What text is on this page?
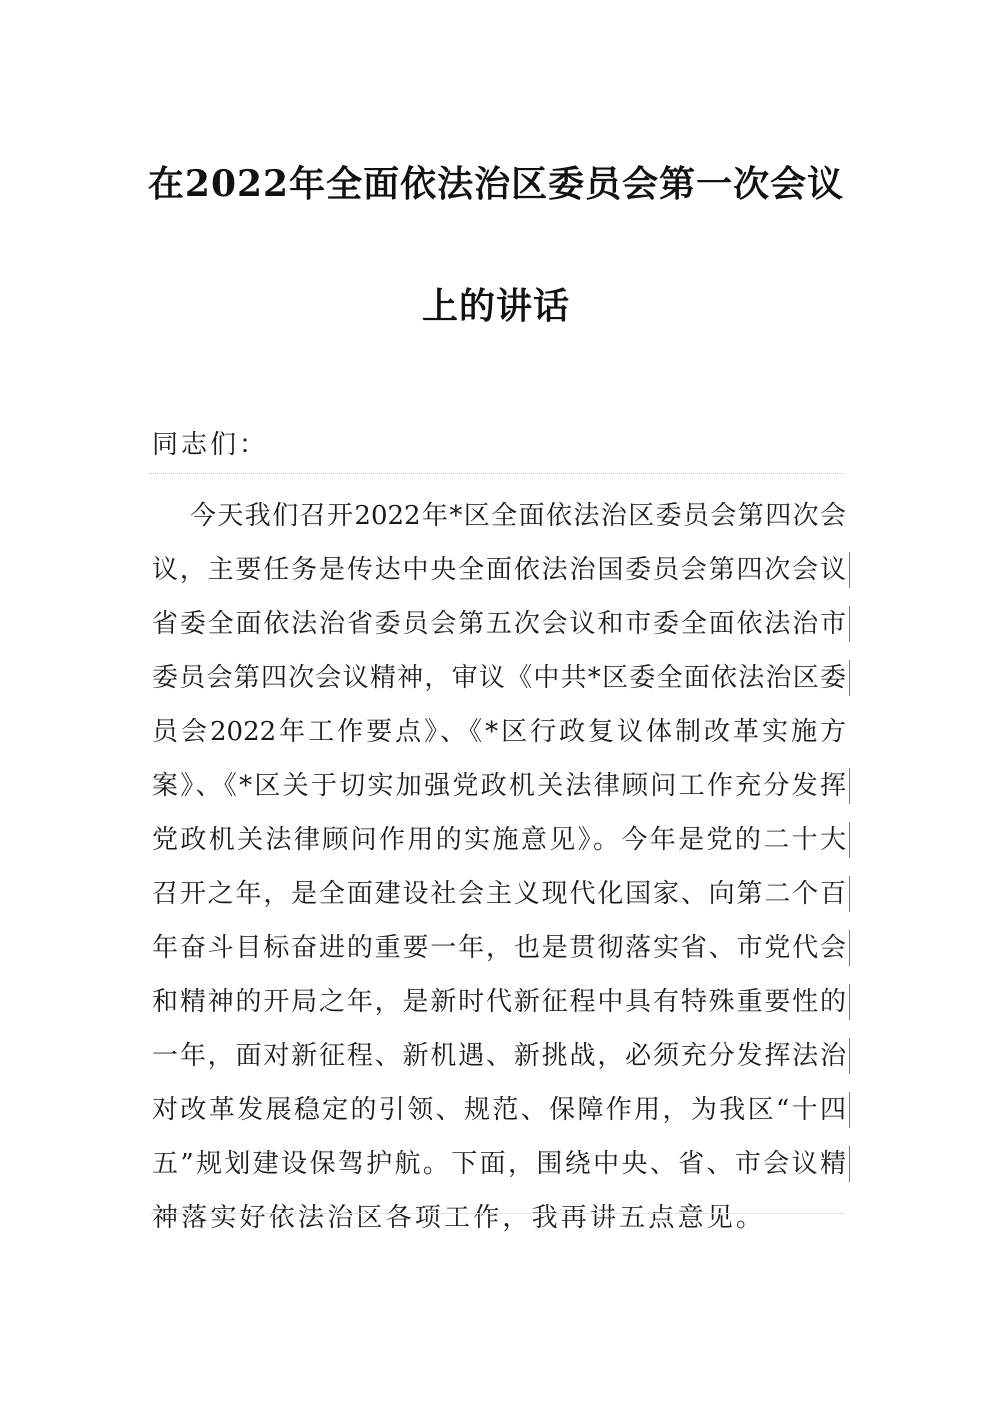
在2022年全面依法治区委员会第一次会议
上的讲话

同志们：

今天我们召开2022年*区全面依法治区委员会第四次会
议，主要任务是传达中央全面依法治国委员会第四次会议
省委全面依法治省委员会第五次会议和市委全面依法治市
委员会第四次会议精神，审议《中共*区委全面依法治区委
员会2022年工作要点》、《*区行政复议体制改革实施方
案》、《*区关于切实加强党政机关法律顾问工作充分发挥
党政机关法律顾问作用的实施意见》。今年是党的二十大
召开之年，是全面建设社会主义现代化国家、向第二个百
年奋斗目标奋进的重要一年，也是贯彻落实省、市党代会
和精神的开局之年，是新时代新征程中具有特殊重要性的
一年，面对新征程、新机遇、新挑战，必须充分发挥法治
对改革发展稳定的引领、规范、保障作用，为我区“十四
五”规划建设保驾护航。下面，围绕中央、省、市会议精
神落实好依法治区各项工作，我再讲五点意见。
